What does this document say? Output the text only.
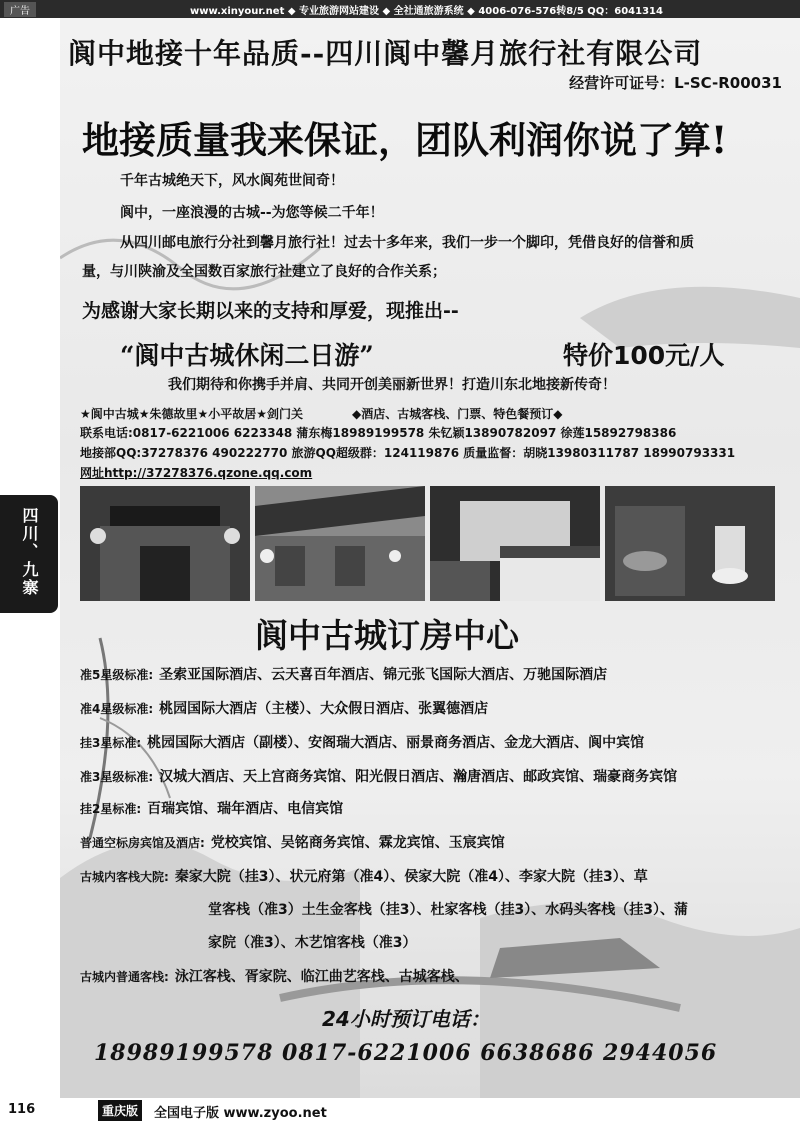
广告	www.xinyour.net ◆ 专业旅游网站建设 ◆ 全社通旅游系统 ◆ 4006-076-576转8/5 QQ：6041314
四川、九寨
阆中地接十年品质--四川阆中馨月旅行社有限公司
经营许可证号：L-SC-R00031
地接质量我来保证，团队利润你说了算!
千年古城绝天下，风水阆苑世间奇！
阆中，一座浪漫的古城--为您等候二千年！
从四川邮电旅行分社到馨月旅行社！过去十多年来，我们一步一个脚印，凭借良好的信誉和质
量，与川陕渝及全国数百家旅行社建立了良好的合作关系；
为感谢大家长期以来的支持和厚爱，现推出--
“阆中古城休闲二日游”	特价100元/人
我们期待和你携手并肩、共同开创美丽新世界！打造川东北地接新传奇！
★阆中古城★朱德故里★小平故居★剑门关	◆酒店、古城客栈、门票、特色餐预订◆
联系电话:0817-6221006 6223348 蒲东梅18989199578 朱钇颖13890782097 徐莲15892798386
地接部QQ:37278376 490222770 旅游QQ超级群：124119876 质量监督：胡晓13980311787 18990793331
网址http://37278376.qzone.qq.com
阆中古城订房中心
准5星级标准: 圣索亚国际酒店、云天喜百年酒店、锦元张飞国际大酒店、万驰国际酒店
准4星级标准: 桃园国际大酒店（主楼）、大众假日酒店、张翼德酒店
挂3星标准: 桃园国际大酒店（副楼）、安阁瑞大酒店、丽景商务酒店、金龙大酒店、阆中宾馆
准3星级标准: 汉城大酒店、天上宫商务宾馆、阳光假日酒店、瀚唐酒店、邮政宾馆、瑞豪商务宾馆
挂2星标准: 百瑞宾馆、瑞年酒店、电信宾馆
普通空标房宾馆及酒店: 党校宾馆、吴铭商务宾馆、霖龙宾馆、玉宸宾馆
古城内客栈大院: 秦家大院（挂3）、状元府第（准4）、侯家大院（准4）、李家大院（挂3）、草
堂客栈（准3）土生金客栈（挂3）、杜家客栈（挂3）、水码头客栈（挂3）、蒲
家院（准3）、木艺馆客栈（准3）
古城内普通客栈: 泳江客栈、胥家院、临江曲艺客栈、古城客栈、
24小时预订电话：
18989199578 0817-6221006 6638686 2944056
116	重庆版	全国电子版 www.zyoo.net
